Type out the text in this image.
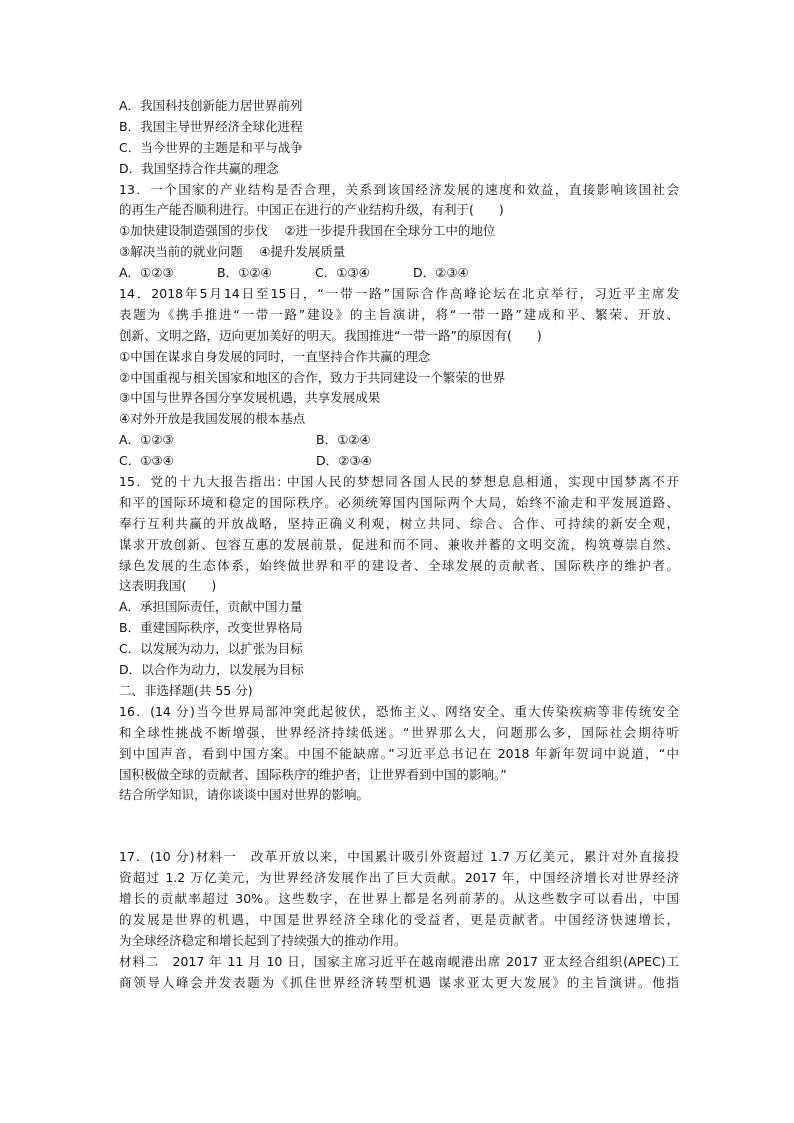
A．我国科技创新能力居世界前列
B．我国主导世界经济全球化进程
C．当今世界的主题是和平与战争
D．我国坚持合作共赢的理念
13．一个国家的产业结构是否合理，关系到该国经济发展的速度和效益，直接影响该国社会
的再生产能否顺利进行。中国正在进行的产业结构升级，有利于(　　)
①加快建设制造强国的步伐　 ②进一步提升我国在全球分工中的地位
③解决当前的就业问题　 ④提升发展质量
A．①②③	B．①②④	C．①③④	D．②③④
14．2018年5月14日至15日，“一带一路”国际合作高峰论坛在北京举行，习近平主席发
表题为《携手推进“一带一路”建设》的主旨演讲，将“一带一路”建成和平、繁荣、开放、
创新、文明之路，迈向更加美好的明天。我国推进“一带一路”的原因有(　　)
①中国在谋求自身发展的同时，一直坚持合作共赢的理念
②中国重视与相关国家和地区的合作，致力于共同建设一个繁荣的世界
③中国与世界各国分享发展机遇，共享发展成果
④对外开放是我国发展的根本基点
A．①②③	B．①②④
C．①③④	D．②③④
15．党的十九大报告指出: 中国人民的梦想同各国人民的梦想息息相通，实现中国梦离不开
和平的国际环境和稳定的国际秩序。必须统筹国内国际两个大局，始终不渝走和平发展道路、
奉行互利共赢的开放战略，坚持正确义利观，树立共同、综合、合作、可持续的新安全观，
谋求开放创新、包容互惠的发展前景，促进和而不同、兼收并蓄的文明交流，构筑尊崇自然、
绿色发展的生态体系，始终做世界和平的建设者、全球发展的贡献者、国际秩序的维护者。
这表明我国(　　)
A．承担国际责任，贡献中国力量
B．重建国际秩序，改变世界格局
C．以发展为动力，以扩张为目标
D．以合作为动力，以发展为目标
二、非选择题(共 55 分)
16．(14 分)当今世界局部冲突此起彼伏，恐怖主义、网络安全、重大传染疾病等非传统安全
和全球性挑战不断增强，世界经济持续低迷。“世界那么大，问题那么多，国际社会期待听
到中国声音，看到中国方案。中国不能缺席。”习近平总书记在 2018 年新年贺词中说道，“中
国积极做全球的贡献者、国际秩序的维护者，让世界看到中国的影响。”
结合所学知识，请你谈谈中国对世界的影响。
17．(10 分)材料一　改革开放以来，中国累计吸引外资超过 1.7 万亿美元，累计对外直接投
资超过 1.2 万亿美元，为世界经济发展作出了巨大贡献。2017 年，中国经济增长对世界经济
增长的贡献率超过 30%。这些数字，在世界上都是名列前茅的。从这些数字可以看出，中国
的发展是世界的机遇，中国是世界经济全球化的受益者，更是贡献者。中国经济快速增长，
为全球经济稳定和增长起到了持续强大的推动作用。
材料二　2017 年 11 月 10 日，国家主席习近平在越南岘港出席 2017 亚太经合组织(APEC)工
商领导人峰会并发表题为《抓住世界经济转型机遇 谋求亚太更大发展》的主旨演讲。他指
